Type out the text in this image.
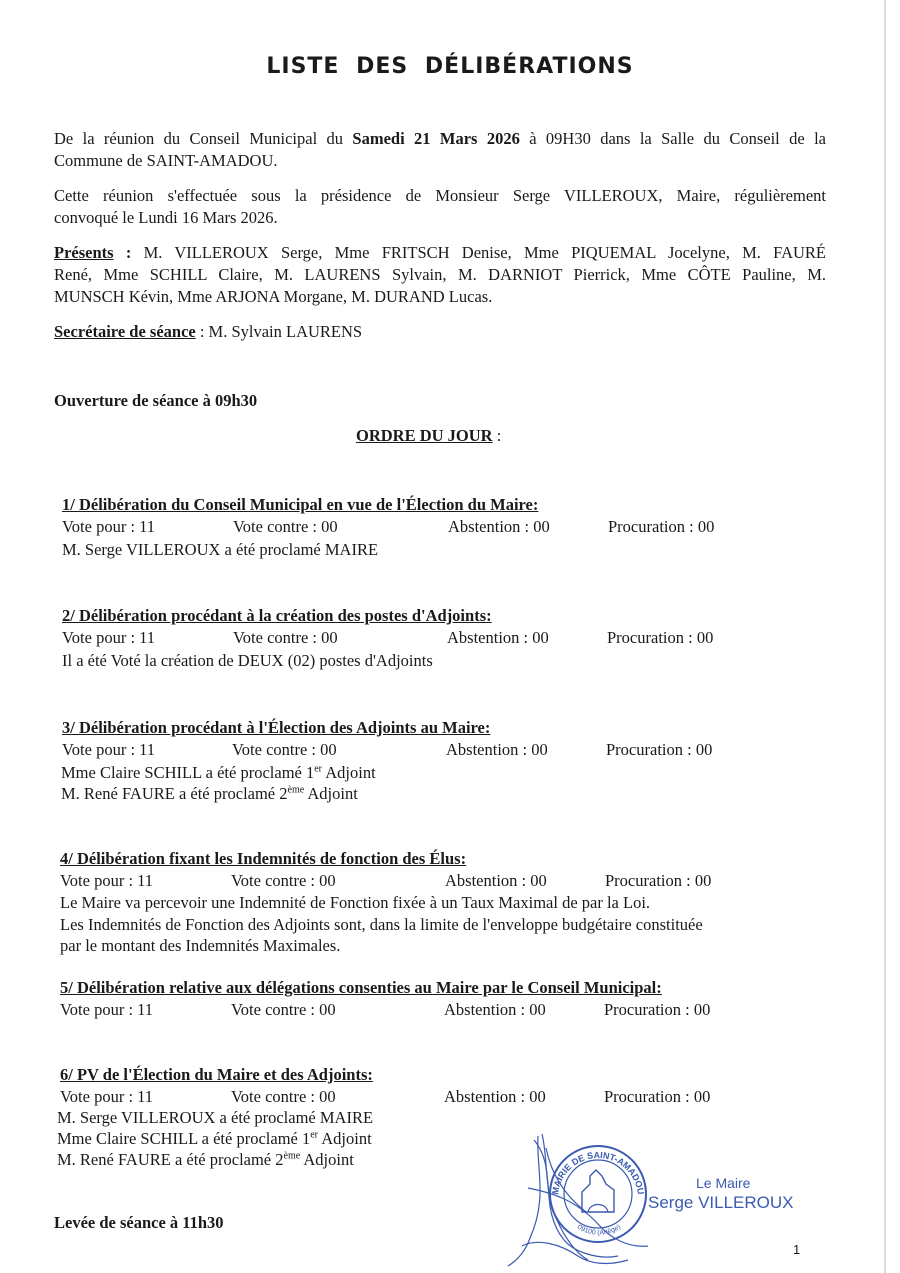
LISTE DES DÉLIBÉRATIONS
De la réunion du Conseil Municipal du Samedi 21 Mars 2026 à 09H30 dans la Salle du Conseil de la
Commune de SAINT-AMADOU.
Cette réunion s'effectuée sous la présidence de Monsieur Serge VILLEROUX, Maire, régulièrement
convoqué le Lundi 16 Mars 2026.
Présents : M. VILLEROUX Serge, Mme FRITSCH Denise, Mme PIQUEMAL Jocelyne, M. FAURÉ
René, Mme SCHILL Claire, M. LAURENS Sylvain, M. DARNIOT Pierrick, Mme CÔTE Pauline, M.
MUNSCH Kévin, Mme ARJONA Morgane, M. DURAND Lucas.
Secrétaire de séance : M. Sylvain LAURENS
Ouverture de séance à 09h30
ORDRE DU JOUR :
1/ Délibération du Conseil Municipal en vue de l'Élection du Maire:
Vote pour : 11	Vote contre : 00	Abstention : 00	Procuration : 00
M. Serge VILLEROUX a été proclamé MAIRE
2/ Délibération procédant à la création des postes d'Adjoints:
Vote pour : 11	Vote contre : 00	Abstention : 00	Procuration : 00
Il a été Voté la création de DEUX (02) postes d'Adjoints
3/ Délibération procédant à l'Élection des Adjoints au Maire:
Vote pour : 11	Vote contre : 00	Abstention : 00	Procuration : 00
Mme Claire SCHILL a été proclamé 1er Adjoint
M. René FAURE a été proclamé 2ème Adjoint
4/ Délibération fixant les Indemnités de fonction des Élus:
Vote pour : 11	Vote contre : 00	Abstention : 00	Procuration : 00
Le Maire va percevoir une Indemnité de Fonction fixée à un Taux Maximal de par la Loi.
Les Indemnités de Fonction des Adjoints sont, dans la limite de l'enveloppe budgétaire constituée
par le montant des Indemnités Maximales.
5/ Délibération relative aux délégations consenties au Maire par le Conseil Municipal:
Vote pour : 11	Vote contre : 00	Abstention : 00	Procuration : 00
6/ PV de l'Élection du Maire et des Adjoints:
Vote pour : 11	Vote contre : 00	Abstention : 00	Procuration : 00
M. Serge VILLEROUX a été proclamé MAIRE
Mme Claire SCHILL a été proclamé 1er Adjoint
M. René FAURE a été proclamé 2ème Adjoint
Levée de séance à 11h30
MAIRIE DE SAINT-AMADOU
09100 (Ariège)
Le Maire
Serge VILLEROUX
1
